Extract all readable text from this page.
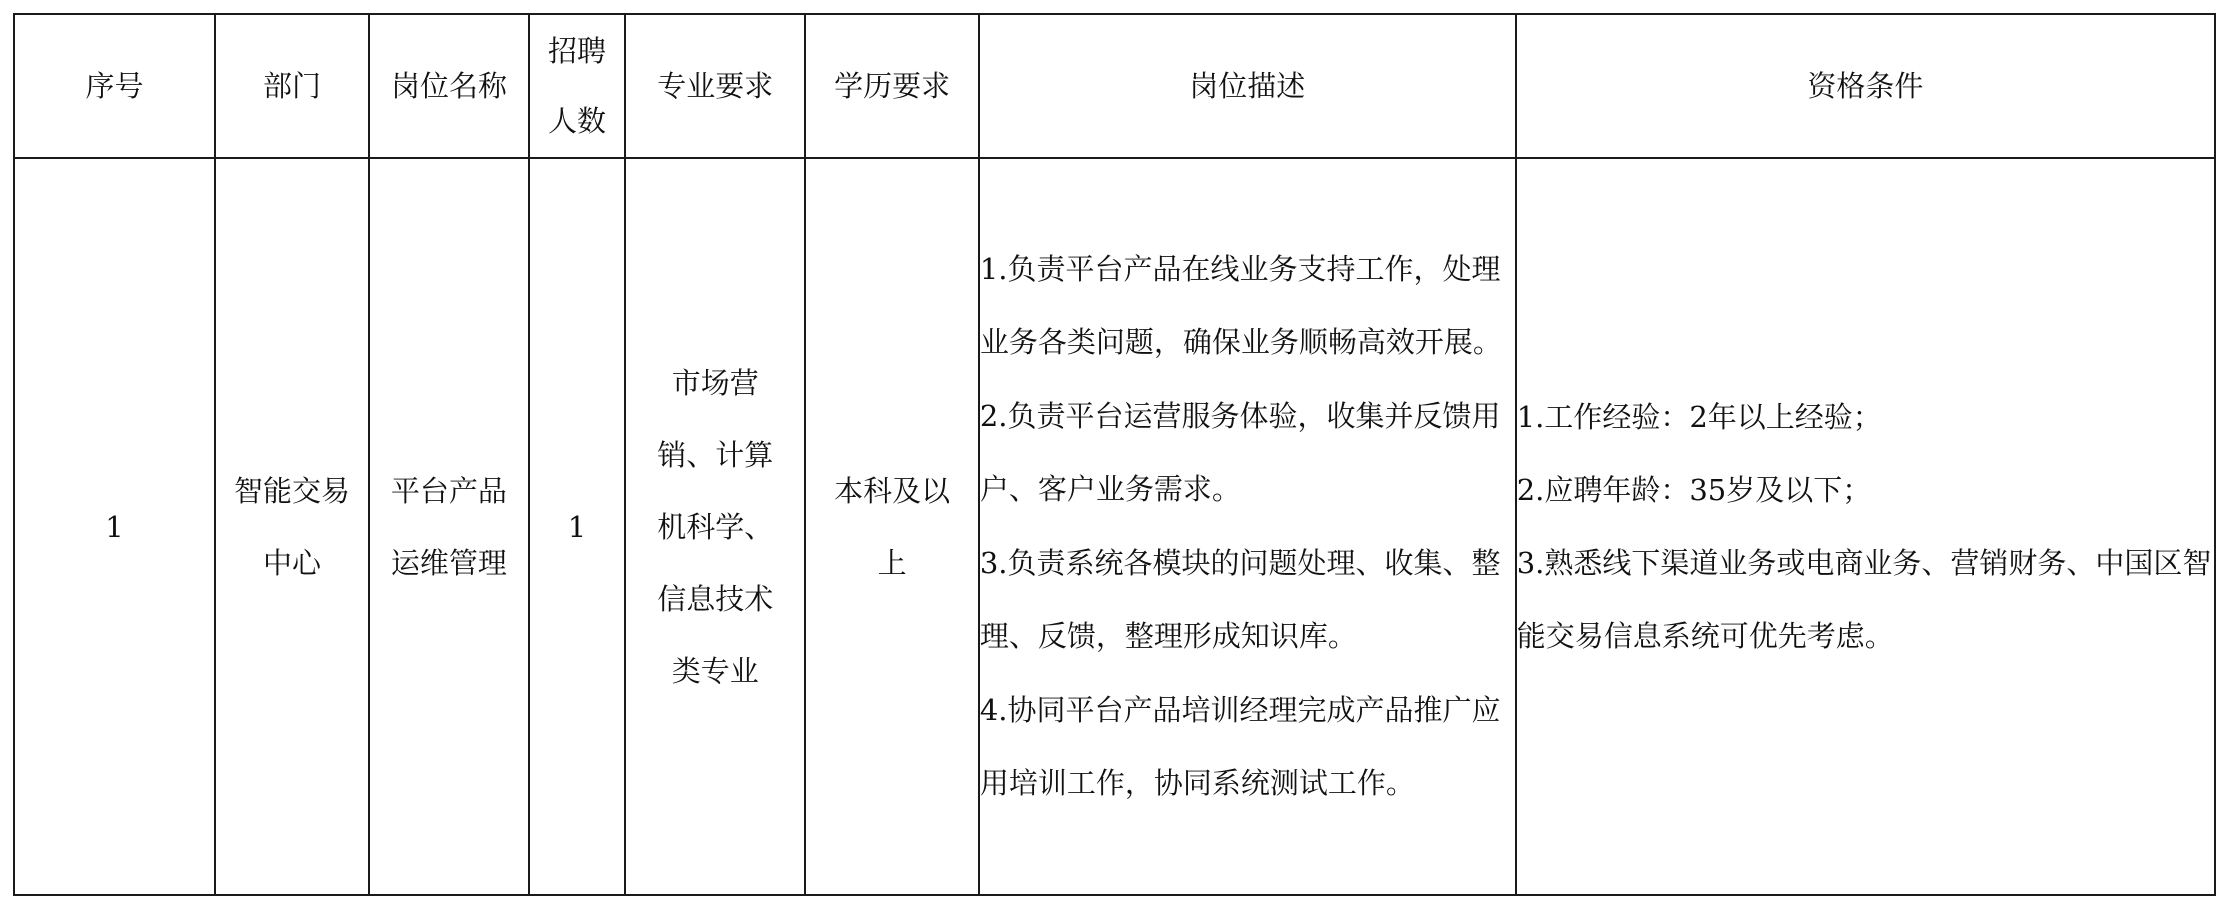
序号	部门	岗位名称	招聘人数	专业要求	学历要求	岗位描述	资格条件
1	智能交易中心	平台产品运维管理	1	市场营销、计算机科学、信息技术类专业	本科及以上	1.负责平台产品在线业务支持工作，处理业务各类问题，确保业务顺畅高效开展。
2.负责平台运营服务体验，收集并反馈用户、客户业务需求。
3.负责系统各模块的问题处理、收集、整理、反馈，整理形成知识库。
4.协同平台产品培训经理完成产品推广应用培训工作，协同系统测试工作。	1.工作经验：2年以上经验；
2.应聘年龄：35岁及以下；
3.熟悉线下渠道业务或电商业务、营销财务、中国区智能交易信息系统可优先考虑。
